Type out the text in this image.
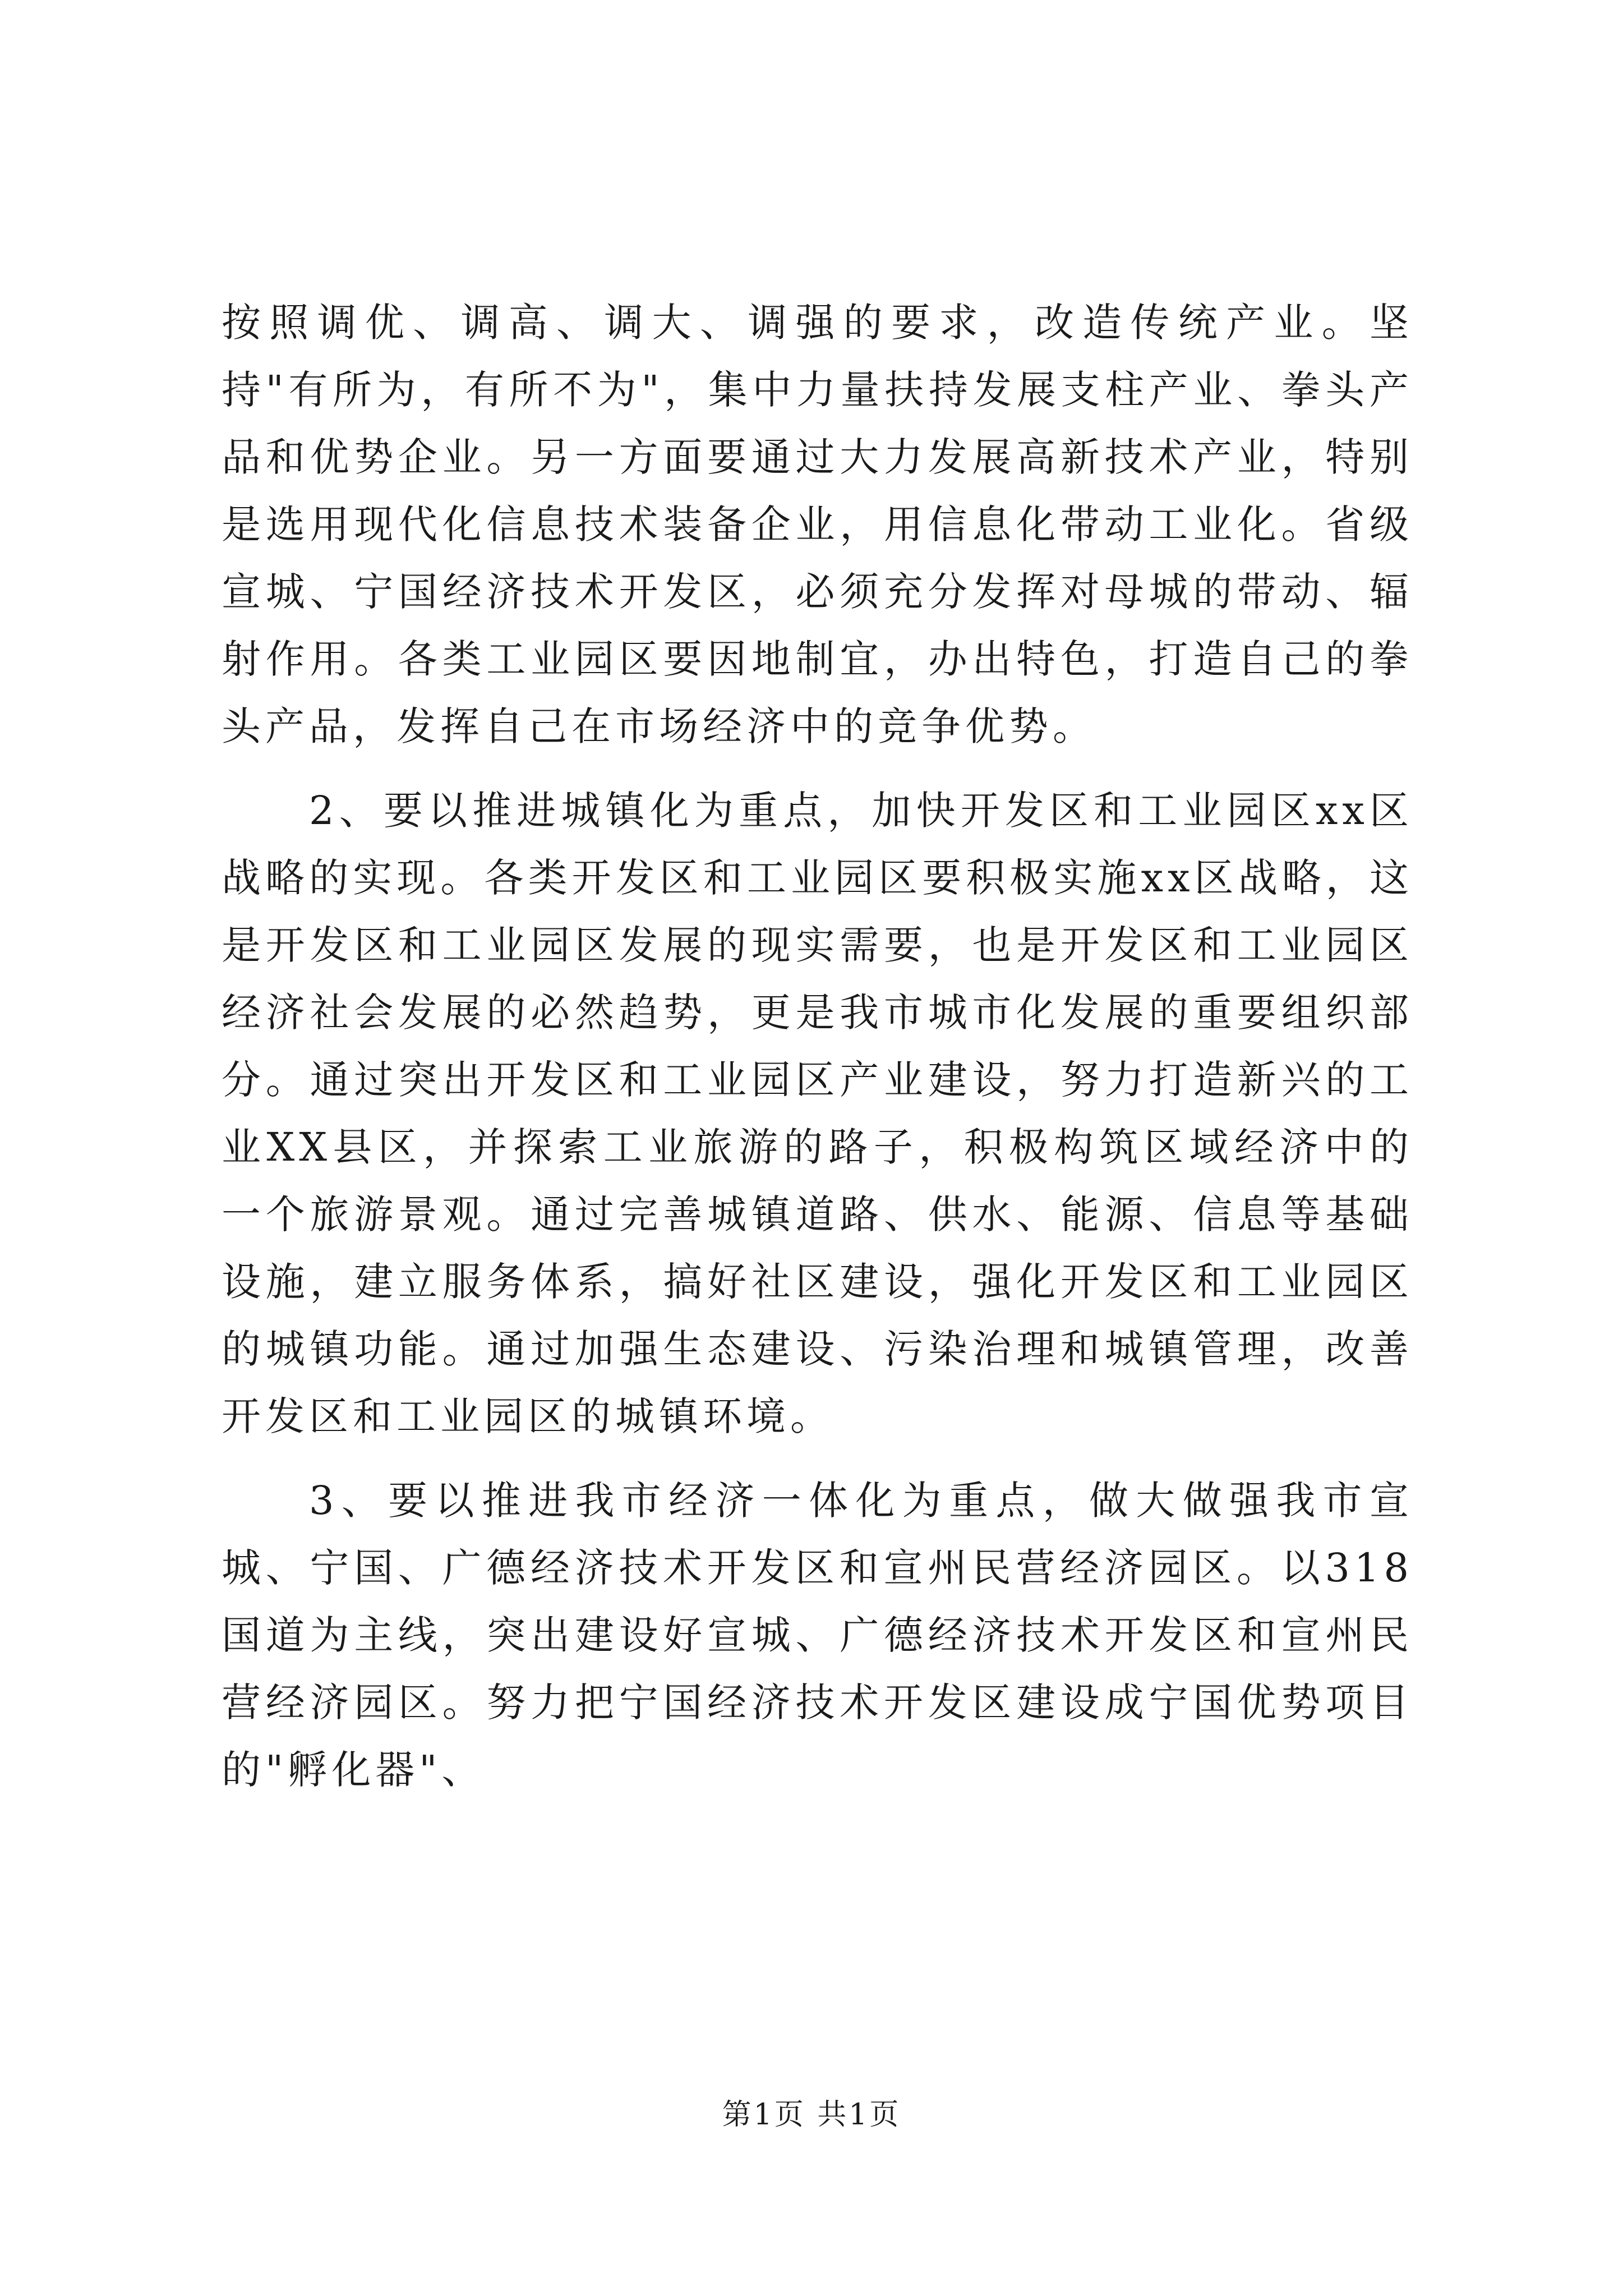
按照调优、调高、调大、调强的要求，改造传统产业。坚持"有所为，有所不为"，集中力量扶持发展支柱产业、拳头产品和优势企业。另一方面要通过大力发展高新技术产业，特别是选用现代化信息技术装备企业，用信息化带动工业化。省级宣城、宁国经济技术开发区，必须充分发挥对母城的带动、辐射作用。各类工业园区要因地制宜，办出特色，打造自己的拳头产品，发挥自己在市场经济中的竞争优势。

2、要以推进城镇化为重点，加快开发区和工业园区xx区战略的实现。各类开发区和工业园区要积极实施xx区战略，这是开发区和工业园区发展的现实需要，也是开发区和工业园区经济社会发展的必然趋势，更是我市城市化发展的重要组织部分。通过突出开发区和工业园区产业建设，努力打造新兴的工业XX县区，并探索工业旅游的路子，积极构筑区域经济中的一个旅游景观。通过完善城镇道路、供水、能源、信息等基础设施，建立服务体系，搞好社区建设，强化开发区和工业园区的城镇功能。通过加强生态建设、污染治理和城镇管理，改善开发区和工业园区的城镇环境。

3、要以推进我市经济一体化为重点，做大做强我市宣城、宁国、广德经济技术开发区和宣州民营经济园区。以318国道为主线，突出建设好宣城、广德经济技术开发区和宣州民营经济园区。努力把宁国经济技术开发区建设成宁国优势项目的"孵化器"、

第1页 共1页
